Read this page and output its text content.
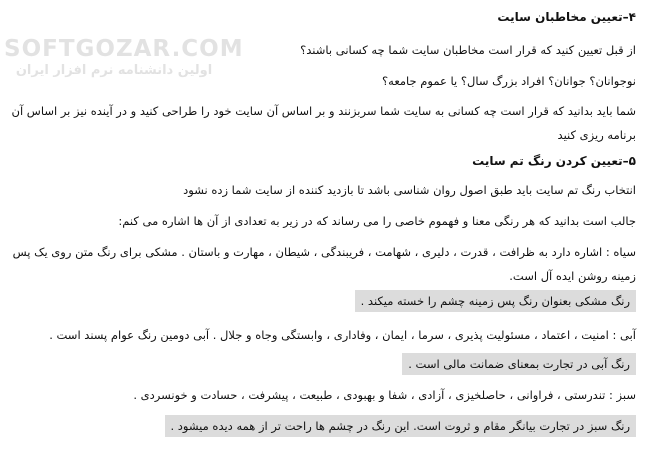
SOFTGOZAR.COM
اولین دانشنامه نرم افزار ایران
۴–تعیین مخاطبان سایت
از قبل تعیین کنید که قرار است مخاطبان سایت شما چه کسانی باشند؟
نوجوانان؟ جوانان؟ افراد بزرگ سال؟ یا عموم جامعه؟
شما باید بدانید که قرار است چه کسانی به سایت شما سربزنند و بر اساس آن سایت خود را طراحی کنید و در آینده نیز بر اساس آن برنامه ریزی کنید
۵–تعیین کردن رنگ تم سایت
انتخاب رنگ تم سایت باید طبق اصول روان شناسی باشد تا بازدید کننده از سایت شما زده نشود
جالب است بدانید که هر رنگی معنا و فهموم خاصی را می رساند که در زیر به تعدادی از آن ها اشاره می کنم:
سیاه : اشاره دارد به ظرافت ، قدرت ، دلیری ، شهامت ، فریبندگی ، شیطان ، مهارت و باستان . مشکی برای رنگ متن روی یک پس زمینه روشن ایده آل است.
رنگ مشکی بعنوان رنگ پس زمینه چشم را خسته میکند .
آبی : امنیت ، اعتماد ، مسئولیت پذیری ، سرما ، ایمان ، وفاداری ، وابستگی وجاه و جلال . آبی دومین رنگ عوام پسند است .
رنگ آبی در تجارت بمعنای ضمانت مالی است .
سبز : تندرستی ، فراوانی ، حاصلخیزی ، آزادی ، شفا و بهبودی ، طبیعت ، پیشرفت ، حسادت و خونسردی .
رنگ سبز در تجارت بیانگر مقام و ثروت است. این رنگ در چشم ها راحت تر از همه دیده میشود .
